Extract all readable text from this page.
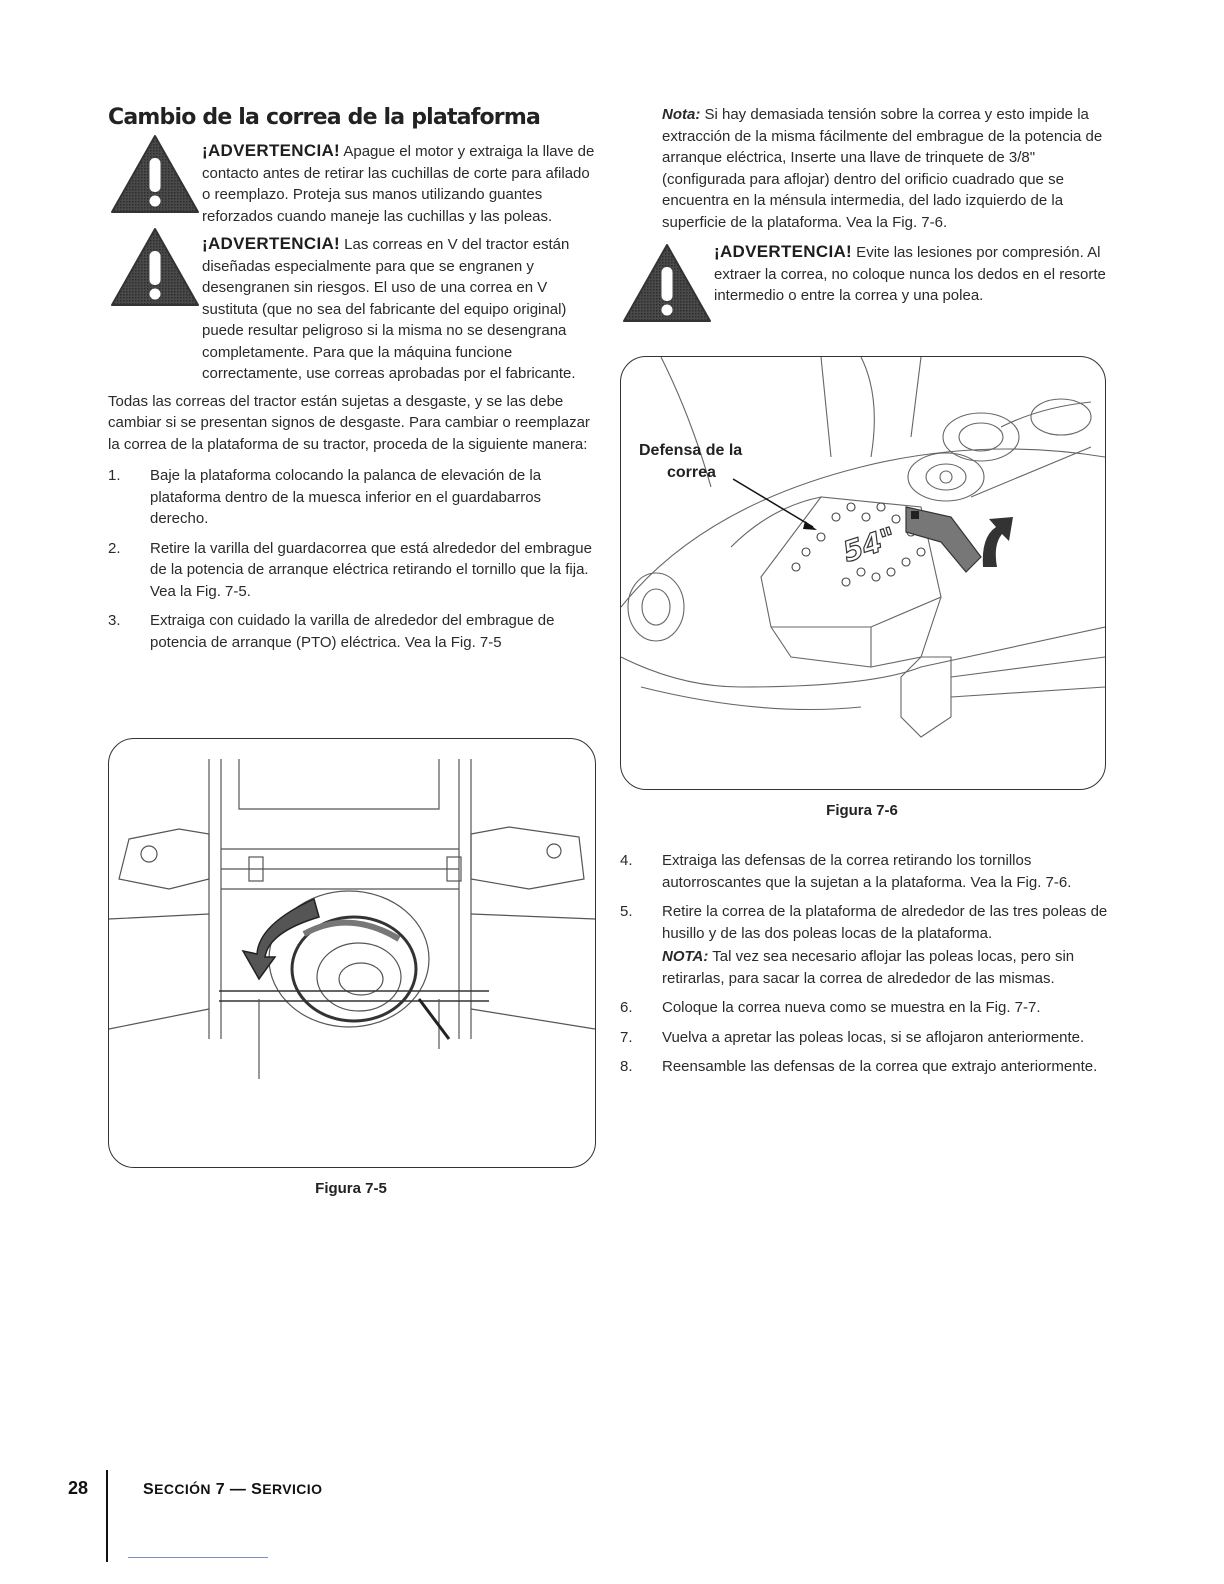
Cambio de la correa de la plataforma
¡ADVERTENCIA! Apague el motor y extraiga la llave de contacto antes de retirar las cuchillas de corte para afilado o reemplazo. Proteja sus manos utilizando guantes reforzados cuando maneje las cuchillas y las poleas.
¡ADVERTENCIA! Las correas en V del tractor están diseñadas especialmente para que se engranen y desengranen sin riesgos. El uso de una correa en V sustituta (que no sea del fabricante del equipo original) puede resultar peligroso si la misma no se desengrana completamente. Para que la máquina funcione correctamente, use correas aprobadas por el fabricante.

Todas las correas del tractor están sujetas a desgaste, y se las debe cambiar si se presentan signos de desgaste. Para cambiar o reemplazar la correa de la plataforma de su tractor, proceda de la siguiente manera:

1.	Baje la plataforma colocando la palanca de elevación de la plataforma dentro de la muesca inferior en el guardabarros derecho.
2.	Retire la varilla del guardacorrea que está alrededor del embrague de la potencia de arranque eléctrica retirando el tornillo que la fija. Vea la Fig. 7-5.
3.	Extraiga con cuidado la varilla de alrededor del embrague de potencia de arranque (PTO) eléctrica. Vea la Fig. 7-5
Figura 7-5

Nota: Si hay demasiada tensión sobre la correa y esto impide la extracción de la misma fácilmente del embrague de la potencia de arranque eléctrica, Inserte una llave de trinquete de 3/8" (configurada para aflojar) dentro del orificio cuadrado que se encuentra en la ménsula intermedia, del lado izquierdo de la superficie de la plataforma. Vea la Fig. 7-6.

¡ADVERTENCIA! Evite las lesiones por compresión. Al extraer la correa, no coloque nunca los dedos en el resorte intermedio o entre la correa y una polea.
54"
Defensa de la
correa
Figura 7-6
4.	Extraiga las defensas de la correa retirando los tornillos autorroscantes que la sujetan a la plataforma. Vea la Fig. 7-6.
5.	Retire la correa de la plataforma de alrededor de las tres poleas de husillo y de las dos poleas locas de la plataforma.
NOTA: Tal vez sea necesario aflojar las poleas locas, pero sin retirarlas, para sacar la correa de alrededor de las mismas.
6.	Coloque la correa nueva como se muestra en la Fig. 7-7.
7.	Vuelva a apretar las poleas locas, si se aflojaron anteriormente.
8.	Reensamble las defensas de la correa que extrajo anteriormente.
28	SECCIÓN 7 — SERVICIO
